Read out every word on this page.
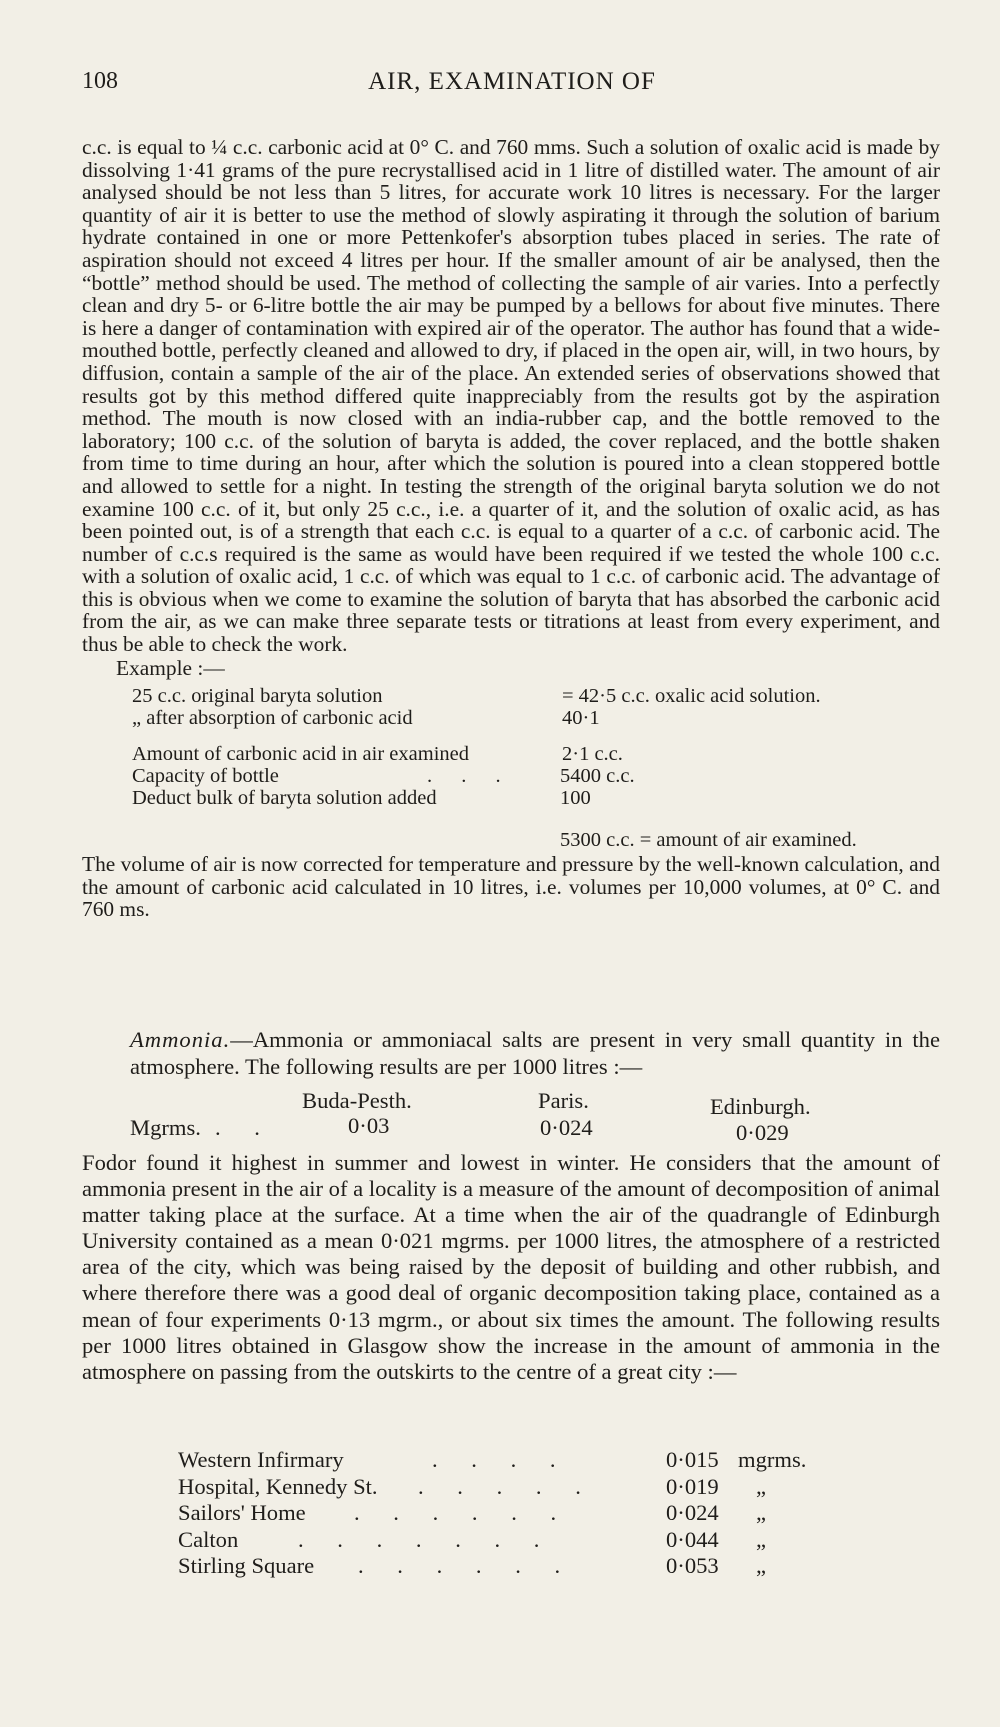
108	AIR, EXAMINATION OF

c.c. is equal to ¼ c.c. carbonic acid at 0° C. and 760 mms. Such a solution of oxalic acid is made by dissolving 1·41 grams of the pure recrystallised acid in 1 litre of distilled water. The amount of air analysed should be not less than 5 litres, for accurate work 10 litres is necessary. For the larger quantity of air it is better to use the method of slowly aspirating it through the solution of barium hydrate contained in one or more Pettenkofer's absorption tubes placed in series. The rate of aspiration should not exceed 4 litres per hour. If the smaller amount of air be analysed, then the “bottle” method should be used. The method of collecting the sample of air varies. Into a perfectly clean and dry 5- or 6-litre bottle the air may be pumped by a bellows for about five minutes. There is here a danger of contamination with expired air of the operator. The author has found that a wide-mouthed bottle, perfectly cleaned and allowed to dry, if placed in the open air, will, in two hours, by diffusion, contain a sample of the air of the place. An extended series of observations showed that results got by this method differed quite inappreciably from the results got by the aspiration method. The mouth is now closed with an india-rubber cap, and the bottle removed to the laboratory; 100 c.c. of the solution of baryta is added, the cover replaced, and the bottle shaken from time to time during an hour, after which the solution is poured into a clean stoppered bottle and allowed to settle for a night. In testing the strength of the original baryta solution we do not examine 100 c.c. of it, but only 25 c.c., i.e. a quarter of it, and the solution of oxalic acid, as has been pointed out, is of a strength that each c.c. is equal to a quarter of a c.c. of carbonic acid. The number of c.c.s required is the same as would have been required if we tested the whole 100 c.c. with a solution of oxalic acid, 1 c.c. of which was equal to 1 c.c. of carbonic acid. The advantage of this is obvious when we come to examine the solution of baryta that has absorbed the carbonic acid from the air, as we can make three separate tests or titrations at least from every experiment, and thus be able to check the work.

Example :—

25 c.c. original baryta solution	= 42·5 c.c. oxalic acid solution.
„ after absorption of carbonic acid	40·1
Amount of carbonic acid in air examined	2·1 c.c.
Capacity of bottle	. . . 5400 c.c.
Deduct bulk of baryta solution added	100
5300 c.c. = amount of air examined.

The volume of air is now corrected for temperature and pressure by the well-known calculation, and the amount of carbonic acid calculated in 10 litres, i.e. volumes per 10,000 volumes, at 0° C. and 760 ms.

Ammonia.—Ammonia or ammoniacal salts are present in very small quantity in the atmosphere. The following results are per 1000 litres :—

Buda-Pesth.	Paris.	Edinburgh.
Mgrms. . .	0·03	0·024	0·029

Fodor found it highest in summer and lowest in winter. He considers that the amount of ammonia present in the air of a locality is a measure of the amount of decomposition of animal matter taking place at the surface. At a time when the air of the quadrangle of Edinburgh University contained as a mean 0·021 mgrms. per 1000 litres, the atmosphere of a restricted area of the city, which was being raised by the deposit of building and other rubbish, and where therefore there was a good deal of organic decomposition taking place, contained as a mean of four experiments 0·13 mgrm., or about six times the amount. The following results per 1000 litres obtained in Glasgow show the increase in the amount of ammonia in the atmosphere on passing from the outskirts to the centre of a great city :—

Western Infirmary	. . . .	0·015 mgrms.
Hospital, Kennedy St. . . . . .	0·019 „
Sailors' Home . . . . . .	0·024 „
Calton	. . . . . . .	0·044 „
Stirling Square . . . . . .	0·053 „
